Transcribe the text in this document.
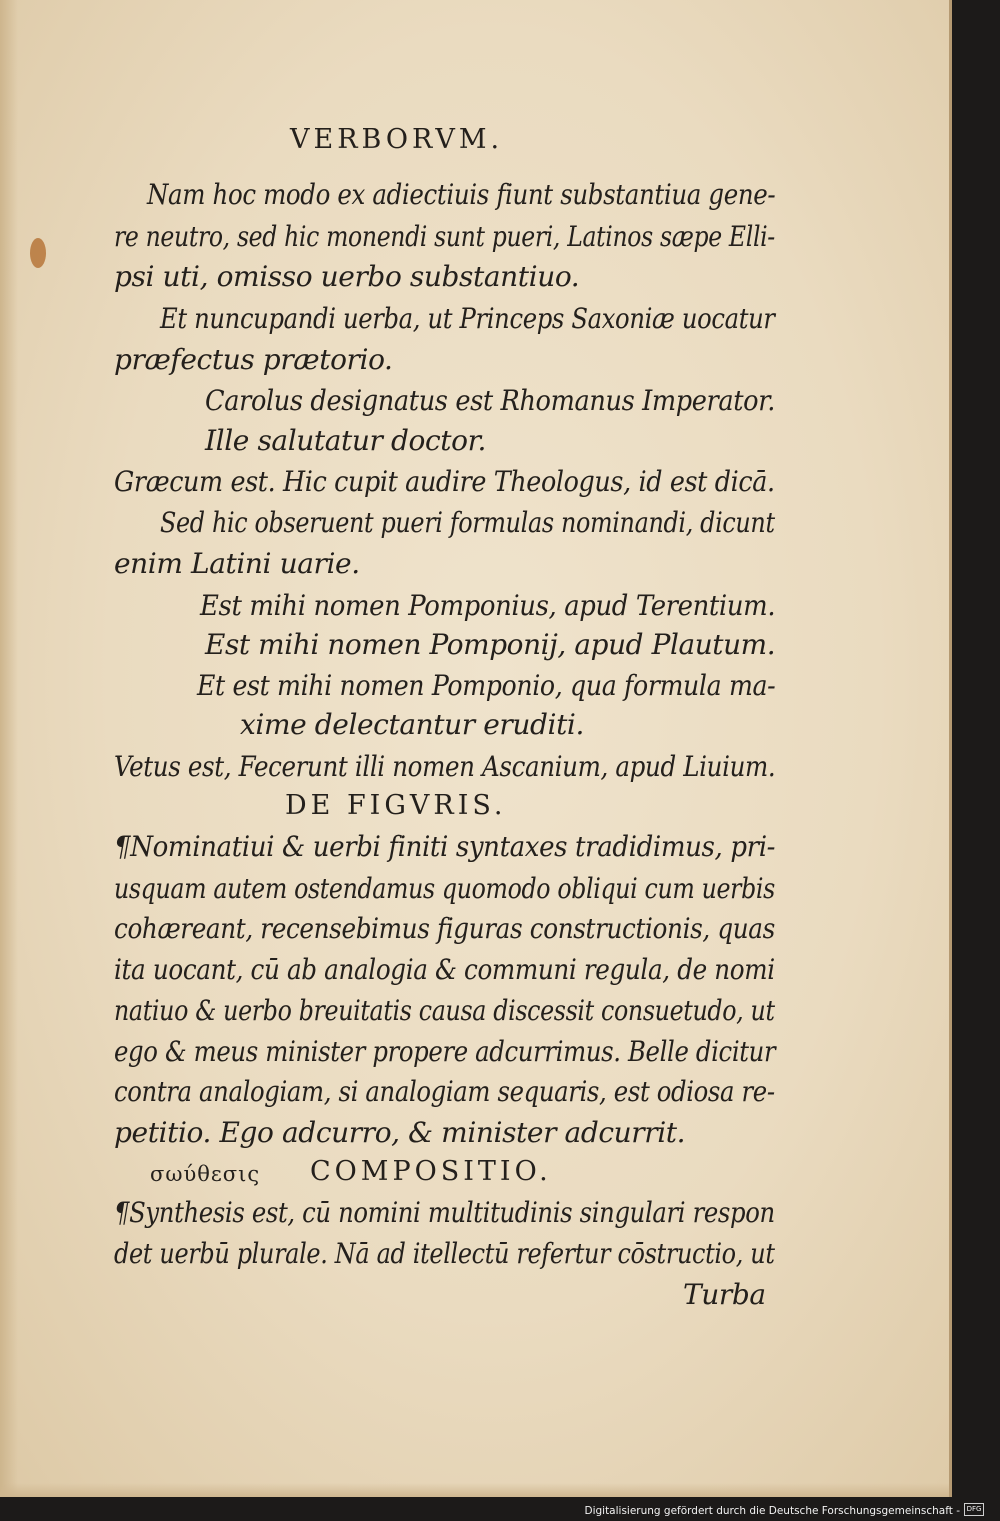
VERBORVM.
Nam hoc modo ex adiectiuis fiunt substantiua gene-
re neutro, sed hic monendi sunt pueri, Latinos sæpe Elli-
psi uti, omisso uerbo substantiuo.
Et nuncupandi uerba, ut Princeps Saxoniæ uocatur
præfectus prætorio.
Carolus designatus est Rhomanus Imperator.
Ille salutatur doctor.
Græcum est. Hic cupit audire Theologus, id est dicā.
Sed hic obseruent pueri formulas nominandi, dicunt
enim Latini uarie.
Est mihi nomen Pomponius, apud Terentium.
Est mihi nomen Pomponij, apud Plautum.
Et est mihi nomen Pomponio, qua formula ma-
xime delectantur eruditi.
Vetus est, Fecerunt illi nomen Ascanium, apud Liuium.
DE FIGVRIS.
¶Nominatiui & uerbi finiti syntaxes tradidimus, pri-
usquam autem ostendamus quomodo obliqui cum uerbis
cohæreant, recensebimus figuras constructionis, quas
ita uocant, cū ab analogia & communi regula, de nomi
natiuo & uerbo breuitatis causa discessit consuetudo, ut
ego & meus minister propere adcurrimus. Belle dicitur
contra analogiam, si analogiam sequaris, est odiosa re-
petitio. Ego adcurro, & minister adcurrit.
σωύθεσις COMPOSITIO.
¶Synthesis est, cū nomini multitudinis singulari respon
det uerbū plurale. Nā ad itellectū refertur cōstructio, ut
Turba
Digitalisierung gefördert durch die Deutsche Forschungsgemeinschaft - DFG
